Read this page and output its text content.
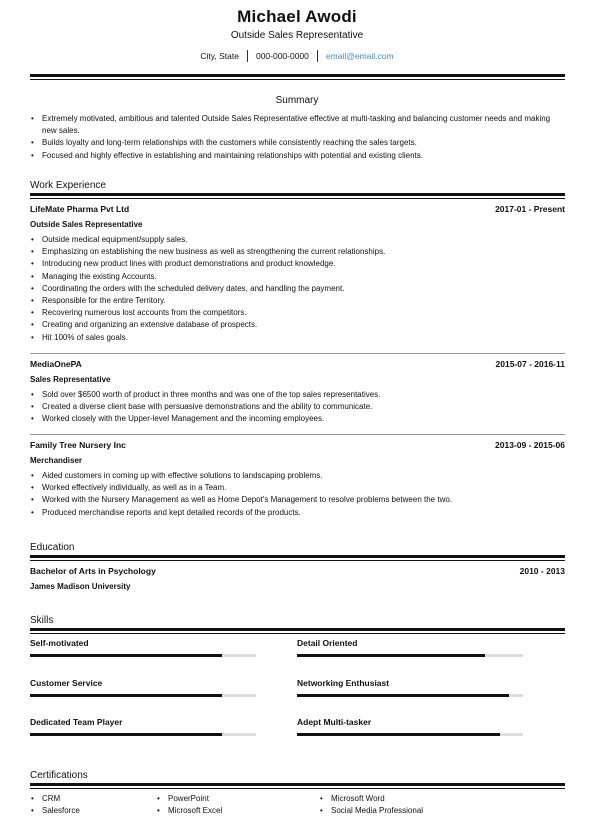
Michael Awodi
Outside Sales Representative
City, State	000-000-0000	email@email.com
Summary
• Extremely motivated, ambitious and talented Outside Sales Representative effective at multi-tasking and balancing customer needs and making new sales.
• Builds loyalty and long-term relationships with the customers while consistently reaching the sales targets.
• Focused and highly effective in establishing and maintaining relationships with potential and existing clients.
Work Experience
LifeMate Pharma Pvt Ltd	2017-01 - Present
Outside Sales Representative
• Outside medical equipment/supply sales.
• Emphasizing on establishing the new business as well as strengthening the current relationships.
• Introducing new product lines with product demonstrations and product knowledge.
• Managing the existing Accounts.
• Coordinating the orders with the scheduled delivery dates, and handling the payment.
• Responsible for the entire Territory.
• Recovering numerous lost accounts from the competitors.
• Creating and organizing an extensive database of prospects.
• Hit 100% of sales goals.
MediaOnePA	2015-07 - 2016-11
Sales Representative
• Sold over $6500 worth of product in three months and was one of the top sales representatives.
• Created a diverse client base with persuasive demonstrations and the ability to communicate.
• Worked closely with the Upper-level Management and the incoming employees.
Family Tree Nursery Inc	2013-09 - 2015-06
Merchandiser
• Aided customers in coming up with effective solutions to landscaping problems.
• Worked effectively individually, as well as in a Team.
• Worked with the Nursery Management as well as Home Depot's Management to resolve problems between the two.
• Produced merchandise reports and kept detailed records of the products.
Education
Bachelor of Arts in Psychology	2010 - 2013
James Madison University
Skills
Self-motivated	Detail Oriented
Customer Service	Networking Enthusiast
Dedicated Team Player	Adept Multi-tasker
Certifications
• CRM
• Salesforce
• PowerPoint
• Microsoft Excel
• Microsoft Word
• Social Media Professional
